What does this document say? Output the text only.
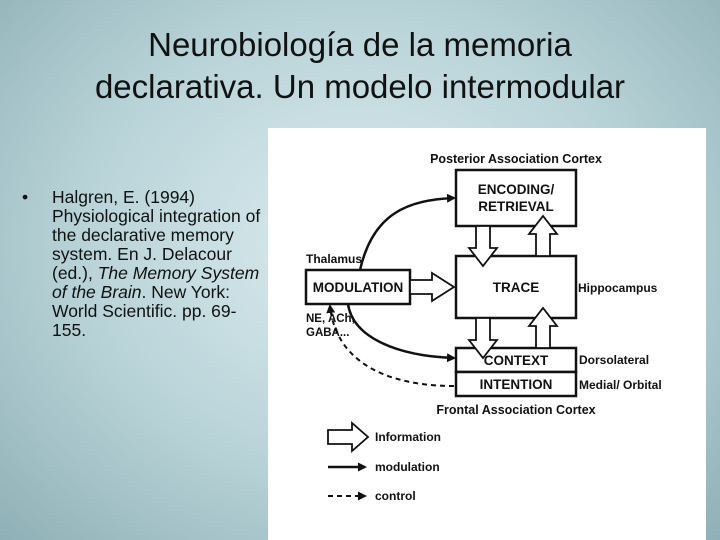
Neurobiología de la memoria
declarativa. Un modelo intermodular
• Halgren, E. (1994) Physiological integration of the declarative memory system. En J. Delacour (ed.), The Memory System of the Brain. New York: World Scientific. pp. 69-155.
Posterior Association Cortex
ENCODING/
RETRIEVAL
Thalamus
MODULATION	TRACE	Hippocampus
NE, ACh,
GABA...
CONTEXT	Dorsolateral
INTENTION Medial/ Orbital
Frontal Association Cortex
Information
modulation
control
